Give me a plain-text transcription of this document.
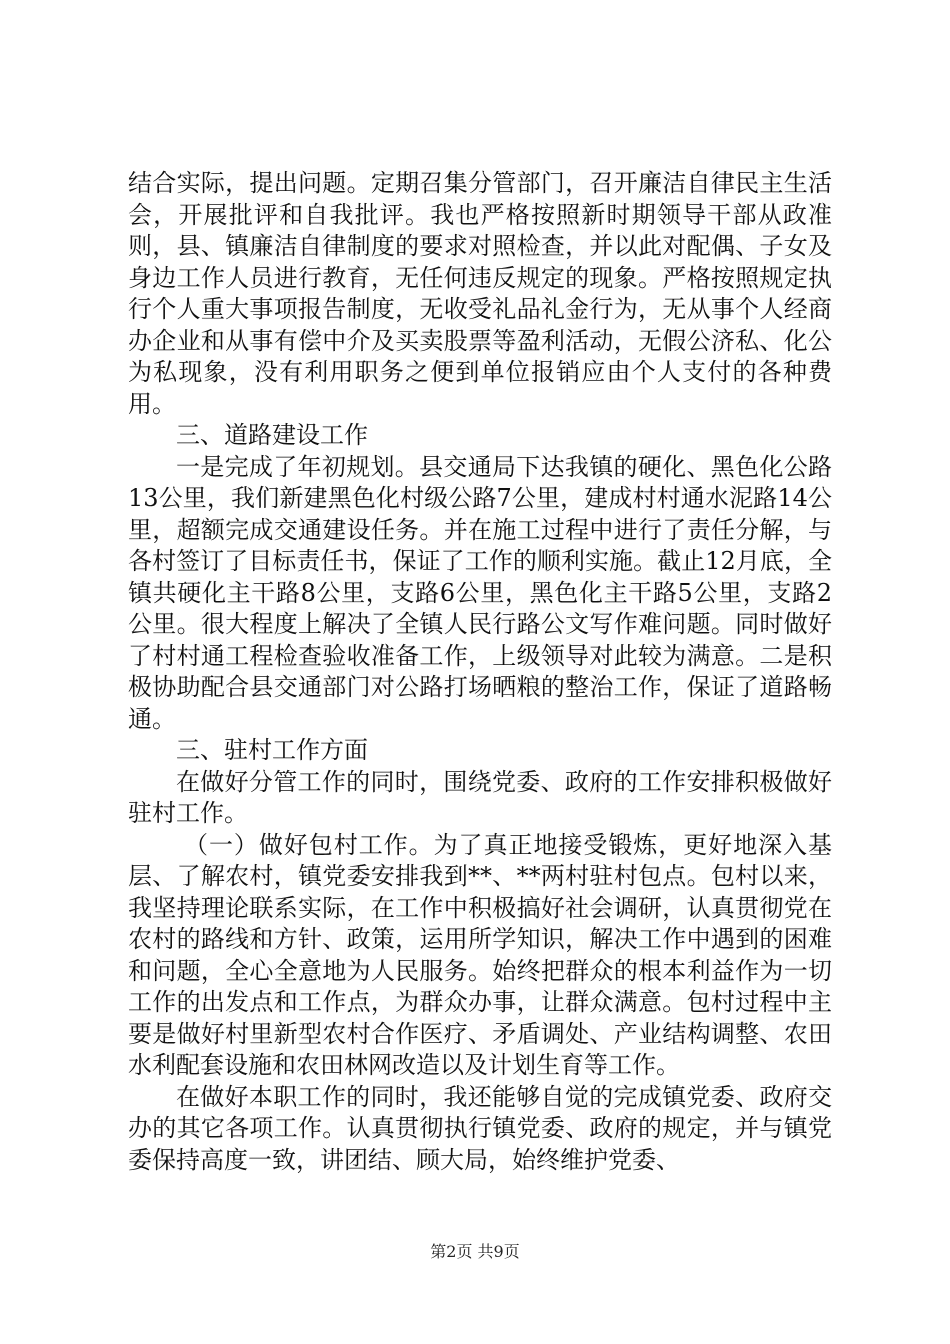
结合实际，提出问题。定期召集分管部门，召开廉洁自律民主生活会，开展批评和自我批评。我也严格按照新时期领导干部从政准则，县、镇廉洁自律制度的要求对照检查，并以此对配偶、子女及身边工作人员进行教育，无任何违反规定的现象。严格按照规定执行个人重大事项报告制度，无收受礼品礼金行为，无从事个人经商办企业和从事有偿中介及买卖股票等盈利活动，无假公济私、化公为私现象，没有利用职务之便到单位报销应由个人支付的各种费用。

三、道路建设工作

一是完成了年初规划。县交通局下达我镇的硬化、黑色化公路13公里，我们新建黑色化村级公路7公里，建成村村通水泥路14公里，超额完成交通建设任务。并在施工过程中进行了责任分解，与各村签订了目标责任书，保证了工作的顺利实施。截止12月底，全镇共硬化主干路8公里，支路6公里，黑色化主干路5公里，支路2公里。很大程度上解决了全镇人民行路公文写作难问题。同时做好了村村通工程检查验收准备工作，上级领导对此较为满意。二是积极协助配合县交通部门对公路打场晒粮的整治工作，保证了道路畅通。

三、驻村工作方面

在做好分管工作的同时，围绕党委、政府的工作安排积极做好驻村工作。

（一）做好包村工作。为了真正地接受锻炼，更好地深入基层、了解农村，镇党委安排我到**、**两村驻村包点。包村以来，我坚持理论联系实际，在工作中积极搞好社会调研，认真贯彻党在农村的路线和方针、政策，运用所学知识，解决工作中遇到的困难和问题，全心全意地为人民服务。始终把群众的根本利益作为一切工作的出发点和工作点，为群众办事，让群众满意。包村过程中主要是做好村里新型农村合作医疗、矛盾调处、产业结构调整、农田水利配套设施和农田林网改造以及计划生育等工作。

在做好本职工作的同时，我还能够自觉的完成镇党委、政府交办的其它各项工作。认真贯彻执行镇党委、政府的规定，并与镇党委保持高度一致，讲团结、顾大局，始终维护党委、

第2页 共9页
